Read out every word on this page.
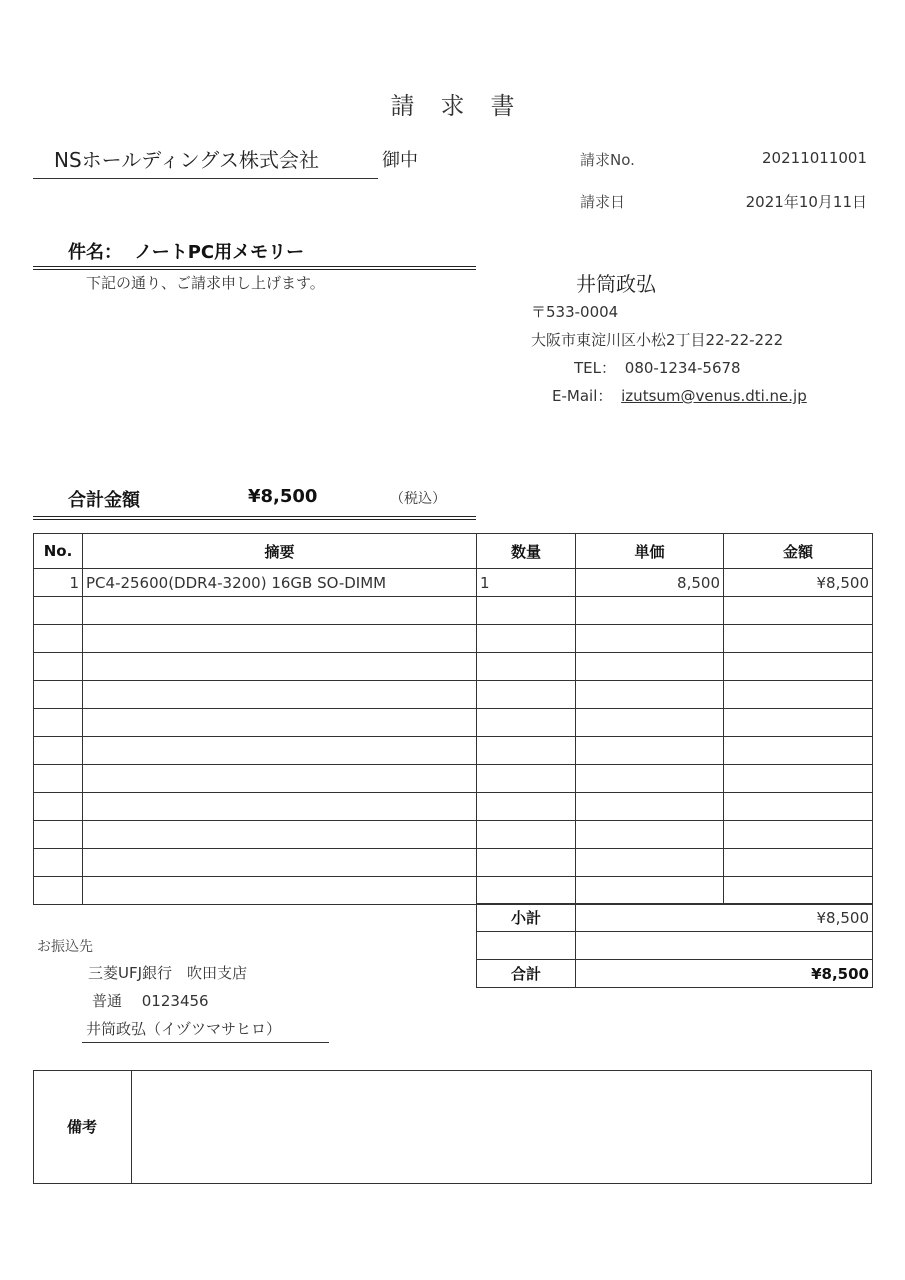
請求書
NSホールディングス株式会社	御中	請求No.	20211011001
請求日	2021年10月11日
件名： ノートPC用メモリー
下記の通り、ご請求申し上げます。	井筒政弘
〒533-0004
大阪市東淀川区小松2丁目22-22-222
TEL： 080-1234-5678
E-Mail： izutsum@venus.dti.ne.jp
合計金額	¥8,500	（税込）
No.	摘要	数量	単価	金額
1	PC4-25600(DDR4-3200) 16GB SO-DIMM	1	8,500	¥8,500

小計	¥8,500

合計	¥8,500
お振込先
三菱UFJ銀行　吹田支店
普通　 0123456
井筒政弘（イヅツマサヒロ）
備考
